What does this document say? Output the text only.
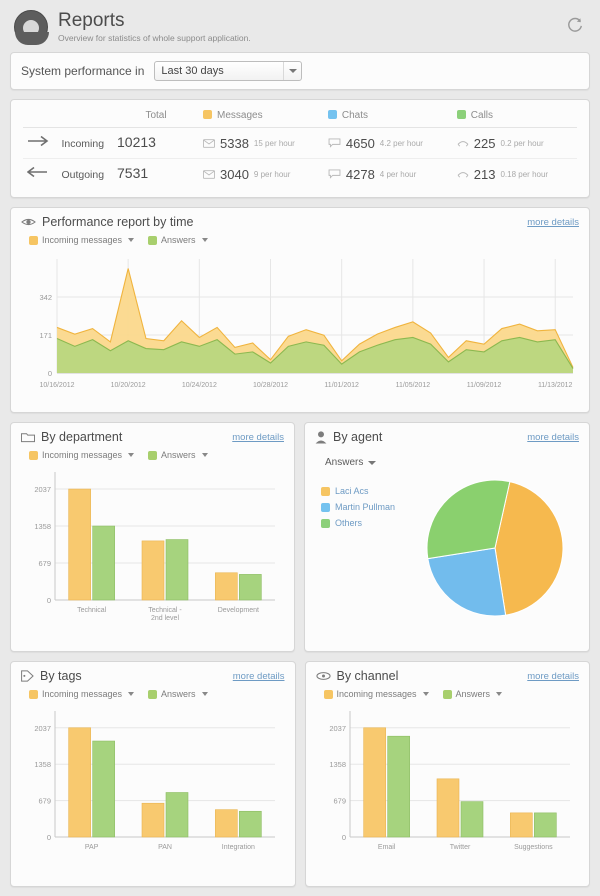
Reports
Overview for statistics of whole support application.
System performance in	Last 30 days
	Total	Messages	Chats	Calls

Incoming	10213	5338 15 per hour	4650 4.2 per hour	225 0.2 per hour

Outgoing	7531	3040 9 per hour	4278 4 per hour	213 0.18 per hour
Performance report by time	more details
Incoming messages	Answers
0
171
342
10/16/2012	10/20/2012	10/24/2012	10/28/2012	11/01/2012	11/05/2012	11/09/2012	11/13/2012
By department	more details
Incoming messages	Answers
0
679
1358
2037
Technical	Technical -
2nd level
Development
By agent	more details
Answers
Laci Acs
Martin Pullman
Others
By tags	more details
Incoming messages	Answers
0
679
1358
2037
PAP	PAN	Integration
By channel	more details
Incoming messages	Answers
0
679
1358
2037
Email	Twitter	Suggestions
